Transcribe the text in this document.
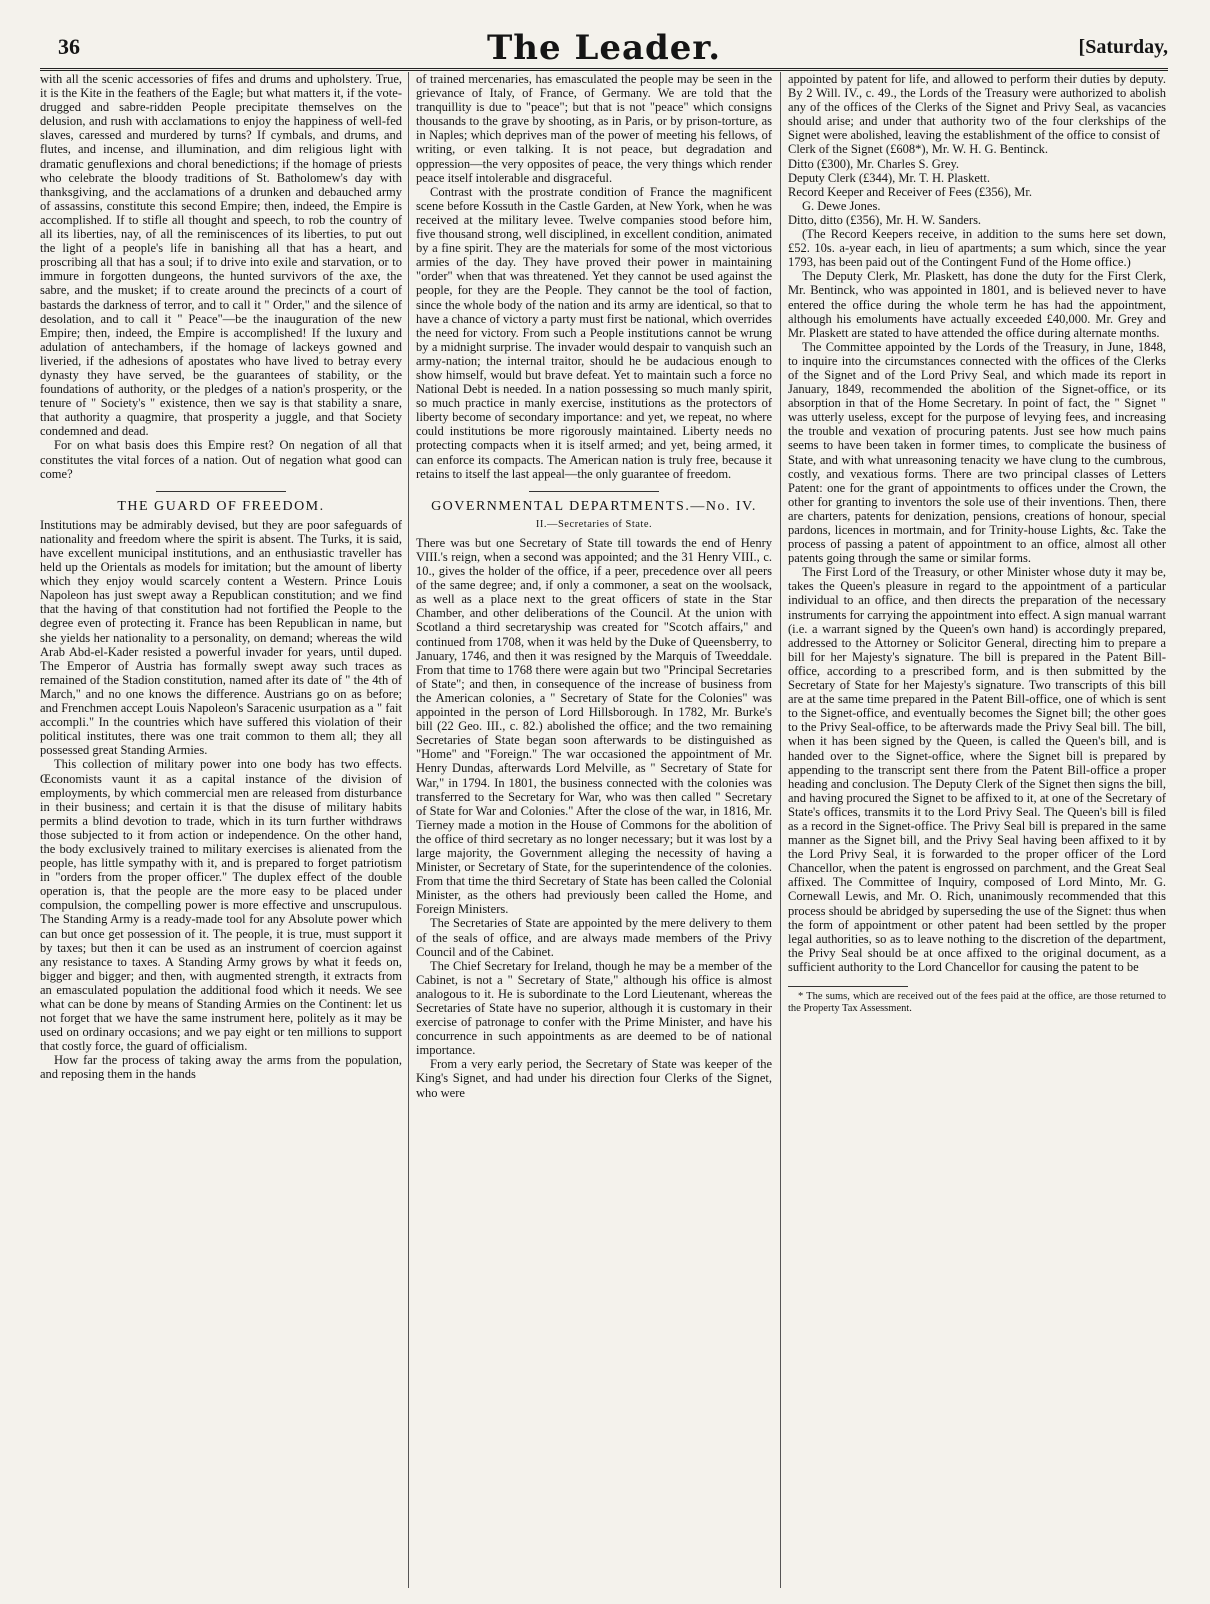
36	The Leader.	[Saturday,

with all the scenic accessories of fifes and drums and upholstery. True, it is the Kite in the feathers of the Eagle; but what matters it, if the vote-drugged and sabre-ridden People precipitate themselves on the delusion, and rush with acclamations to enjoy the happiness of well-fed slaves, caressed and murdered by turns? If cymbals, and drums, and flutes, and incense, and illumination, and dim religious light with dramatic genuflexions and choral benedictions; if the homage of priests who celebrate the bloody traditions of St. Batholomew's day with thanksgiving, and the acclamations of a drunken and debauched army of assassins, constitute this second Empire; then, indeed, the Empire is accomplished. If to stifle all thought and speech, to rob the country of all its liberties, nay, of all the reminiscences of its liberties, to put out the light of a people's life in banishing all that has a heart, and proscribing all that has a soul; if to drive into exile and starvation, or to immure in forgotten dungeons, the hunted survivors of the axe, the sabre, and the musket; if to create around the precincts of a court of bastards the darkness of terror, and to call it " Order," and the silence of desolation, and to call it " Peace"—be the inauguration of the new Empire; then, indeed, the Empire is accomplished! If the luxury and adulation of antechambers, if the homage of lackeys gowned and liveried, if the adhesions of apostates who have lived to betray every dynasty they have served, be the guarantees of stability, or the foundations of authority, or the pledges of a nation's prosperity, or the tenure of " Society's " existence, then we say is that stability a snare, that authority a quagmire, that prosperity a juggle, and that Society condemned and dead.

For on what basis does this Empire rest? On negation of all that constitutes the vital forces of a nation. Out of negation what good can come?

THE GUARD OF FREEDOM.

Institutions may be admirably devised, but they are poor safeguards of nationality and freedom where the spirit is absent. The Turks, it is said, have excellent municipal institutions, and an enthusiastic traveller has held up the Orientals as models for imitation; but the amount of liberty which they enjoy would scarcely content a Western. Prince Louis Napoleon has just swept away a Republican constitution; and we find that the having of that constitution had not fortified the People to the degree even of protecting it. France has been Republican in name, but she yields her nationality to a personality, on demand; whereas the wild Arab Abd-el-Kader resisted a powerful invader for years, until duped. The Emperor of Austria has formally swept away such traces as remained of the Stadion constitution, named after its date of " the 4th of March," and no one knows the difference. Austrians go on as before; and Frenchmen accept Louis Napoleon's Saracenic usurpation as a " fait accompli." In the countries which have suffered this violation of their political institutes, there was one trait common to them all; they all possessed great Standing Armies.

This collection of military power into one body has two effects. Œconomists vaunt it as a capital instance of the division of employments, by which commercial men are released from disturbance in their business; and certain it is that the disuse of military habits permits a blind devotion to trade, which in its turn further withdraws those subjected to it from action or independence. On the other hand, the body exclusively trained to military exercises is alienated from the people, has little sympathy with it, and is prepared to forget patriotism in "orders from the proper officer." The duplex effect of the double operation is, that the people are the more easy to be placed under compulsion, the compelling power is more effective and unscrupulous. The Standing Army is a ready-made tool for any Absolute power which can but once get possession of it. The people, it is true, must support it by taxes; but then it can be used as an instrument of coercion against any resistance to taxes. A Standing Army grows by what it feeds on, bigger and bigger; and then, with augmented strength, it extracts from an emasculated population the additional food which it needs. We see what can be done by means of Standing Armies on the Continent: let us not forget that we have the same instrument here, politely as it may be used on ordinary occasions; and we pay eight or ten millions to support that costly force, the guard of officialism.

How far the process of taking away the arms from the population, and reposing them in the hands

of trained mercenaries, has emasculated the people may be seen in the grievance of Italy, of France, of Germany. We are told that the tranquillity is due to "peace"; but that is not "peace" which consigns thousands to the grave by shooting, as in Paris, or by prison-torture, as in Naples; which deprives man of the power of meeting his fellows, of writing, or even talking. It is not peace, but degradation and oppression—the very opposites of peace, the very things which render peace itself intolerable and disgraceful.

Contrast with the prostrate condition of France the magnificent scene before Kossuth in the Castle Garden, at New York, when he was received at the military levee. Twelve companies stood before him, five thousand strong, well disciplined, in excellent condition, animated by a fine spirit. They are the materials for some of the most victorious armies of the day. They have proved their power in maintaining "order" when that was threatened. Yet they cannot be used against the people, for they are the People. They cannot be the tool of faction, since the whole body of the nation and its army are identical, so that to have a chance of victory a party must first be national, which overrides the need for victory. From such a People institutions cannot be wrung by a midnight surprise. The invader would despair to vanquish such an army-nation; the internal traitor, should he be audacious enough to show himself, would but brave defeat. Yet to maintain such a force no National Debt is needed. In a nation possessing so much manly spirit, so much practice in manly exercise, institutions as the protectors of liberty become of secondary importance: and yet, we repeat, no where could institutions be more rigorously maintained. Liberty needs no protecting compacts when it is itself armed; and yet, being armed, it can enforce its compacts. The American nation is truly free, because it retains to itself the last appeal—the only guarantee of freedom.

GOVERNMENTAL DEPARTMENTS.—No. IV.

II.—Secretaries of State.

There was but one Secretary of State till towards the end of Henry VIII.'s reign, when a second was appointed; and the 31 Henry VIII., c. 10., gives the holder of the office, if a peer, precedence over all peers of the same degree; and, if only a commoner, a seat on the woolsack, as well as a place next to the great officers of state in the Star Chamber, and other deliberations of the Council. At the union with Scotland a third secretaryship was created for "Scotch affairs," and continued from 1708, when it was held by the Duke of Queensberry, to January, 1746, and then it was resigned by the Marquis of Tweeddale. From that time to 1768 there were again but two "Principal Secretaries of State"; and then, in consequence of the increase of business from the American colonies, a " Secretary of State for the Colonies" was appointed in the person of Lord Hillsborough. In 1782, Mr. Burke's bill (22 Geo. III., c. 82.) abolished the office; and the two remaining Secretaries of State began soon afterwards to be distinguished as "Home" and "Foreign." The war occasioned the appointment of Mr. Henry Dundas, afterwards Lord Melville, as " Secretary of State for War," in 1794. In 1801, the business connected with the colonies was transferred to the Secretary for War, who was then called " Secretary of State for War and Colonies." After the close of the war, in 1816, Mr. Tierney made a motion in the House of Commons for the abolition of the office of third secretary as no longer necessary; but it was lost by a large majority, the Government alleging the necessity of having a Minister, or Secretary of State, for the superintendence of the colonies. From that time the third Secretary of State has been called the Colonial Minister, as the others had previously been called the Home, and Foreign Ministers.

The Secretaries of State are appointed by the mere delivery to them of the seals of office, and are always made members of the Privy Council and of the Cabinet.

The Chief Secretary for Ireland, though he may be a member of the Cabinet, is not a " Secretary of State," although his office is almost analogous to it. He is subordinate to the Lord Lieutenant, whereas the Secretaries of State have no superior, although it is customary in their exercise of patronage to confer with the Prime Minister, and have his concurrence in such appointments as are deemed to be of national importance.

From a very early period, the Secretary of State was keeper of the King's Signet, and had under his direction four Clerks of the Signet, who were

appointed by patent for life, and allowed to perform their duties by deputy. By 2 Will. IV., c. 49., the Lords of the Treasury were authorized to abolish any of the offices of the Clerks of the Signet and Privy Seal, as vacancies should arise; and under that authority two of the four clerkships of the Signet were abolished, leaving the establishment of the office to consist of

Clerk of the Signet (£608*), Mr. W. H. G. Bentinck.

Ditto (£300), Mr. Charles S. Grey.

Deputy Clerk (£344), Mr. T. H. Plaskett.

Record Keeper and Receiver of Fees (£356), Mr.

G. Dewe Jones.

Ditto, ditto (£356), Mr. H. W. Sanders.

(The Record Keepers receive, in addition to the sums here set down, £52. 10s. a-year each, in lieu of apartments; a sum which, since the year 1793, has been paid out of the Contingent Fund of the Home office.)

The Deputy Clerk, Mr. Plaskett, has done the duty for the First Clerk, Mr. Bentinck, who was appointed in 1801, and is believed never to have entered the office during the whole term he has had the appointment, although his emoluments have actually exceeded £40,000. Mr. Grey and Mr. Plaskett are stated to have attended the office during alternate months.

The Committee appointed by the Lords of the Treasury, in June, 1848, to inquire into the circumstances connected with the offices of the Clerks of the Signet and of the Lord Privy Seal, and which made its report in January, 1849, recommended the abolition of the Signet-office, or its absorption in that of the Home Secretary. In point of fact, the " Signet " was utterly useless, except for the purpose of levying fees, and increasing the trouble and vexation of procuring patents. Just see how much pains seems to have been taken in former times, to complicate the business of State, and with what unreasoning tenacity we have clung to the cumbrous, costly, and vexatious forms. There are two principal classes of Letters Patent: one for the grant of appointments to offices under the Crown, the other for granting to inventors the sole use of their inventions. Then, there are charters, patents for denization, pensions, creations of honour, special pardons, licences in mortmain, and for Trinity-house Lights, &c. Take the process of passing a patent of appointment to an office, almost all other patents going through the same or similar forms.

The First Lord of the Treasury, or other Minister whose duty it may be, takes the Queen's pleasure in regard to the appointment of a particular individual to an office, and then directs the preparation of the necessary instruments for carrying the appointment into effect. A sign manual warrant (i.e. a warrant signed by the Queen's own hand) is accordingly prepared, addressed to the Attorney or Solicitor General, directing him to prepare a bill for her Majesty's signature. The bill is prepared in the Patent Bill-office, according to a prescribed form, and is then submitted by the Secretary of State for her Majesty's signature. Two transcripts of this bill are at the same time prepared in the Patent Bill-office, one of which is sent to the Signet-office, and eventually becomes the Signet bill; the other goes to the Privy Seal-office, to be afterwards made the Privy Seal bill. The bill, when it has been signed by the Queen, is called the Queen's bill, and is handed over to the Signet-office, where the Signet bill is prepared by appending to the transcript sent there from the Patent Bill-office a proper heading and conclusion. The Deputy Clerk of the Signet then signs the bill, and having procured the Signet to be affixed to it, at one of the Secretary of State's offices, transmits it to the Lord Privy Seal. The Queen's bill is filed as a record in the Signet-office. The Privy Seal bill is prepared in the same manner as the Signet bill, and the Privy Seal having been affixed to it by the Lord Privy Seal, it is forwarded to the proper officer of the Lord Chancellor, when the patent is engrossed on parchment, and the Great Seal affixed. The Committee of Inquiry, composed of Lord Minto, Mr. G. Cornewall Lewis, and Mr. O. Rich, unanimously recommended that this process should be abridged by superseding the use of the Signet: thus when the form of appointment or other patent had been settled by the proper legal authorities, so as to leave nothing to the discretion of the department, the Privy Seal should be at once affixed to the original document, as a sufficient authority to the Lord Chancellor for causing the patent to be

* The sums, which are received out of the fees paid at the office, are those returned to the Property Tax Assessment.
